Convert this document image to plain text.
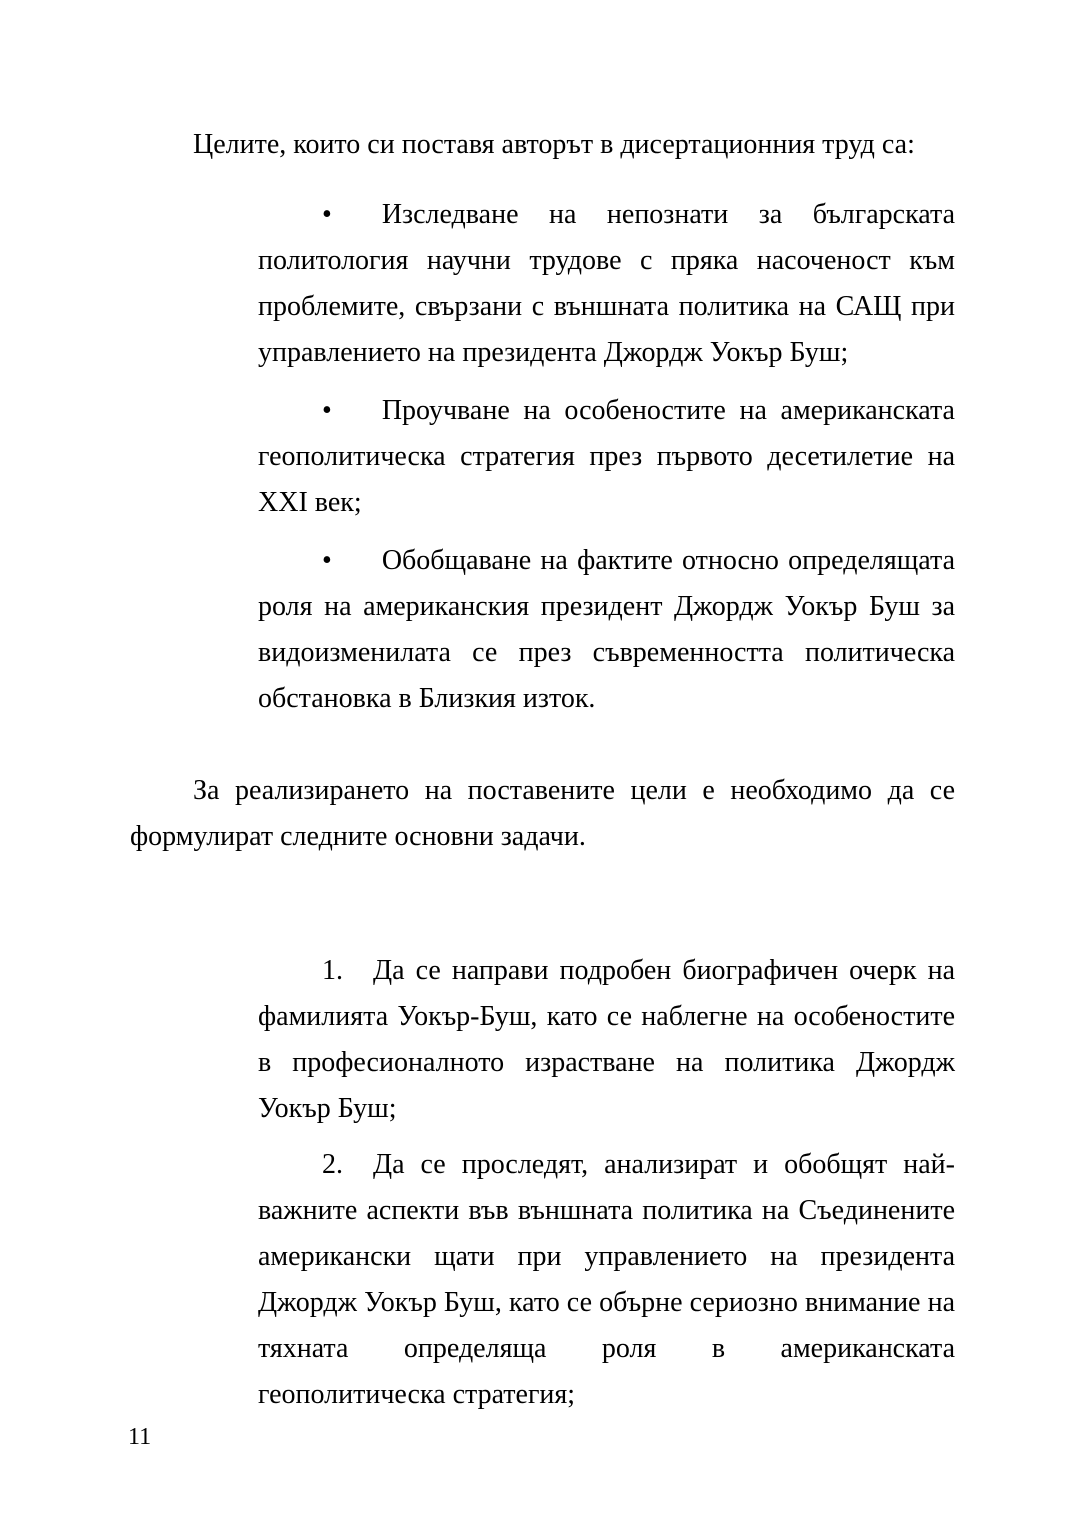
Целите, които си поставя авторът в дисертационния труд са:

• Изследване на непознати за българската политология научни трудове с пряка насоченост към проблемите, свързани с външната политика на САЩ при управлението на президента Джордж Уокър Буш;

• Проучване на особеностите на американската геополитическа стратегия през първото десетилетие на XXI век;

• Обобщаване на фактите относно определящата роля на американския президент Джордж Уокър Буш за видоизменилата се през съвременността политическа обстановка в Близкия изток.

За реализирането на поставените цели е необходимо да се формулират следните основни задачи.

1. Да се направи подробен биографичен очерк на фамилията Уокър-Буш, като се наблегне на особеностите в професионалното израстване на политика Джордж Уокър Буш;

2. Да се проследят, анализират и обобщят най-важните аспекти във външната политика на Съединените американски щати при управлението на президента Джордж Уокър Буш, като се обърне сериозно внимание на тяхната определяща роля в американската геополитическа стратегия;

11
